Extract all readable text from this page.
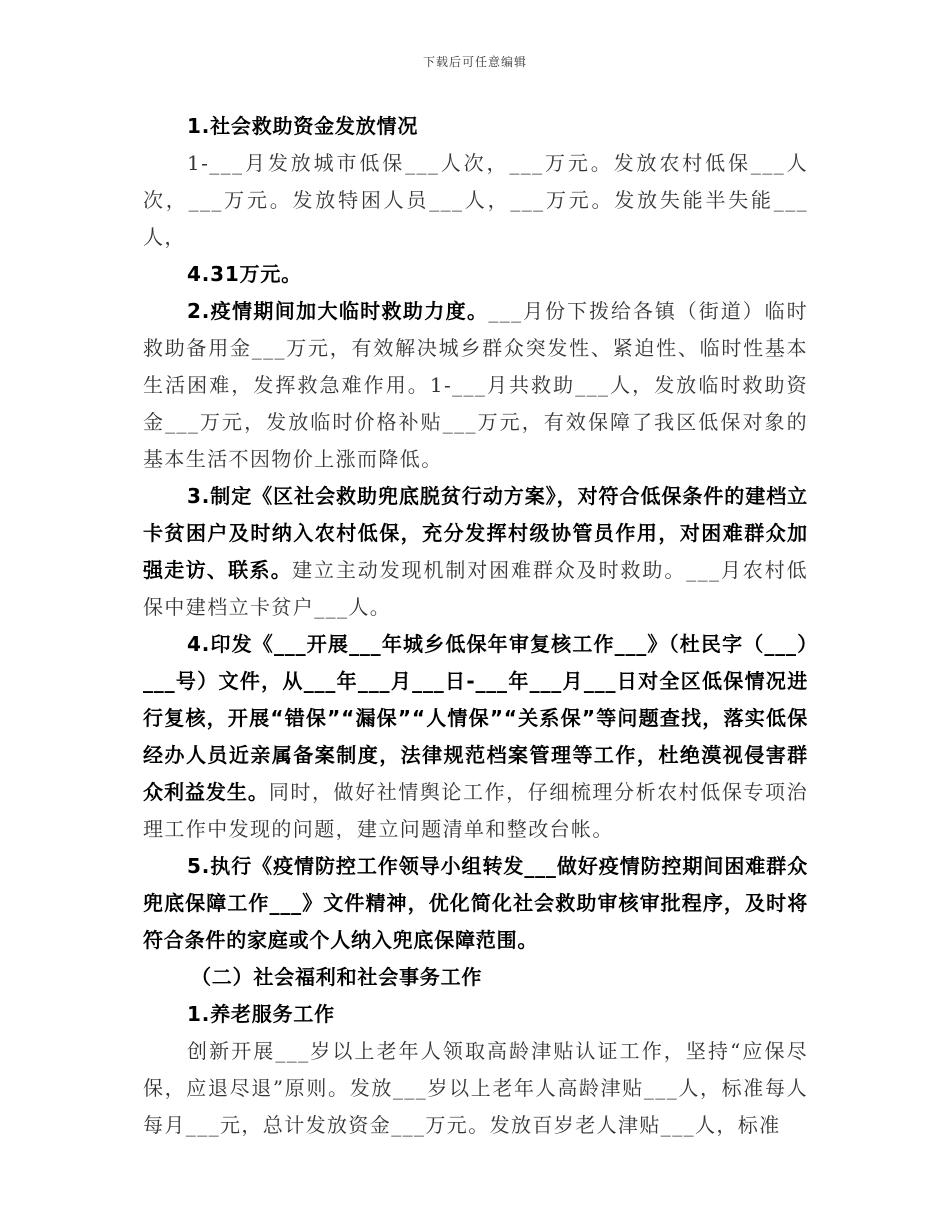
下载后可任意编辑

1.社会救助资金发放情况

1-___月发放城市低保___人次，___万元。发放农村低保___人次，___万元。发放特困人员___人，___万元。发放失能半失能___人，

4.31万元。

2.疫情期间加大临时救助力度。___月份下拨给各镇（街道）临时救助备用金___万元，有效解决城乡群众突发性、紧迫性、临时性基本生活困难，发挥救急难作用。1-___月共救助___人，发放临时救助资金___万元，发放临时价格补贴___万元，有效保障了我区低保对象的基本生活不因物价上涨而降低。

3.制定《区社会救助兜底脱贫行动方案》，对符合低保条件的建档立卡贫困户及时纳入农村低保，充分发挥村级协管员作用，对困难群众加强走访、联系。建立主动发现机制对困难群众及时救助。___月农村低保中建档立卡贫户___人。

4.印发《___开展___年城乡低保年审复核工作___》（杜民字（___）___号）文件，从___年___月___日-___年___月___日对全区低保情况进行复核，开展“错保”“漏保”“人情保”“关系保”等问题查找，落实低保经办人员近亲属备案制度，法律规范档案管理等工作，杜绝漠视侵害群众利益发生。同时，做好社情舆论工作，仔细梳理分析农村低保专项治理工作中发现的问题，建立问题清单和整改台帐。

5.执行《疫情防控工作领导小组转发___做好疫情防控期间困难群众兜底保障工作___》文件精神，优化简化社会救助审核审批程序，及时将符合条件的家庭或个人纳入兜底保障范围。

（二）社会福利和社会事务工作

1.养老服务工作

创新开展___岁以上老年人领取高龄津贴认证工作，坚持“应保尽保，应退尽退”原则。发放___岁以上老年人高龄津贴___人，标准每人每月___元，总计发放资金___万元。发放百岁老人津贴___人，标准
